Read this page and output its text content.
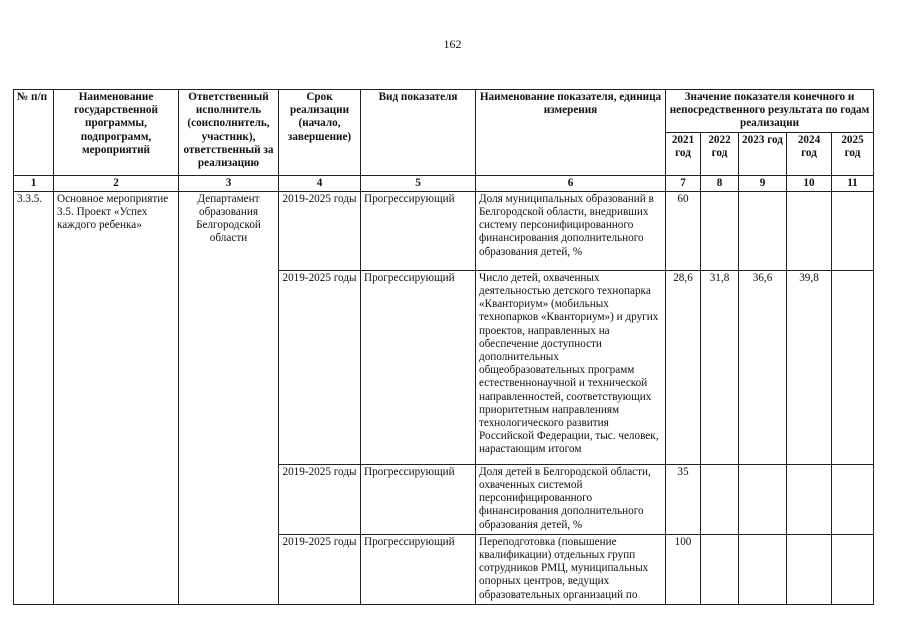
162
№ п/п	Наименование государственной программы, подпрограмм, мероприятий	Ответственный исполнитель (соисполнитель, участник), ответственный за реализацию	Срок реализации (начало, завершение)	Вид показателя	Наименование показателя, единица измерения	Значение показателя конечного и непосредственного результата по годам реализации				
						2021 год	2022 год	2023 год	2024 год	2025 год
1	2	3	4	5	6	7	8	9	10	11
3.3.5.	Основное мероприятие 3.5. Проект «Успех каждого ребенка»	Департамент образования Белгородской области	2019-2025 годы	Прогрессирующий	Доля муниципальных образований в Белгородской области, внедривших систему персонифицированного финансирования дополнительного образования детей, %	60				
			2019-2025 годы	Прогрессирующий	Число детей, охваченных деятельностью детского технопарка «Кванториум» (мобильных технопарков «Кванториум») и других проектов, направленных на обеспечение доступности дополнительных общеобразовательных программ естественнонаучной и технической направленностей, соответствующих приоритетным направлениям технологического развития Российской Федерации, тыс. человек, нарастающим итогом	28,6	31,8	36,6	39,8	
			2019-2025 годы	Прогрессирующий	Доля детей в Белгородской области, охваченных системой персонифицированного финансирования дополнительного образования детей, %	35				
			2019-2025 годы	Прогрессирующий	Переподготовка (повышение квалификации) отдельных групп сотрудников РМЦ, муниципальных опорных центров, ведущих образовательных организаций по	100				
